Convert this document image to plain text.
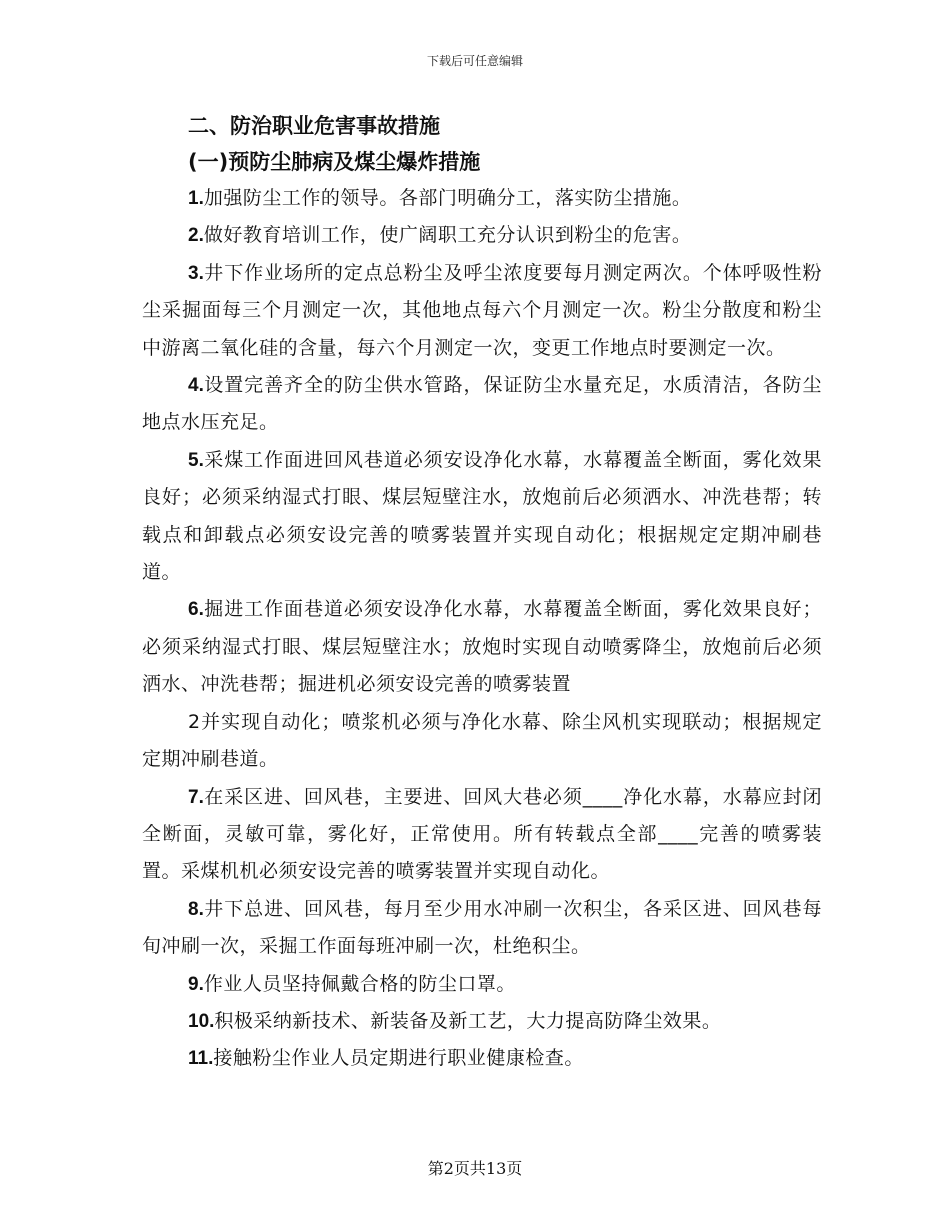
下载后可任意编辑
二、防治职业危害事故措施
(一)预防尘肺病及煤尘爆炸措施

1.加强防尘工作的领导。各部门明确分工，落实防尘措施。

2.做好教育培训工作，使广阔职工充分认识到粉尘的危害。

3.井下作业场所的定点总粉尘及呼尘浓度要每月测定两次。个体呼吸性粉尘采掘面每三个月测定一次，其他地点每六个月测定一次。粉尘分散度和粉尘中游离二氧化硅的含量，每六个月测定一次，变更工作地点时要测定一次。

4.设置完善齐全的防尘供水管路，保证防尘水量充足，水质清洁，各防尘地点水压充足。

5.采煤工作面进回风巷道必须安设净化水幕，水幕覆盖全断面，雾化效果良好；必须采纳湿式打眼、煤层短壁注水，放炮前后必须洒水、冲洗巷帮；转载点和卸载点必须安设完善的喷雾装置并实现自动化；根据规定定期冲刷巷道。

6.掘进工作面巷道必须安设净化水幕，水幕覆盖全断面，雾化效果良好；必须采纳湿式打眼、煤层短壁注水；放炮时实现自动喷雾降尘，放炮前后必须洒水、冲洗巷帮；掘进机必须安设完善的喷雾装置

2并实现自动化；喷浆机必须与净化水幕、除尘风机实现联动；根据规定定期冲刷巷道。

7.在采区进、回风巷，主要进、回风大巷必须____净化水幕，水幕应封闭全断面，灵敏可靠，雾化好，正常使用。所有转载点全部____完善的喷雾装置。采煤机机必须安设完善的喷雾装置并实现自动化。

8.井下总进、回风巷，每月至少用水冲刷一次积尘，各采区进、回风巷每旬冲刷一次，采掘工作面每班冲刷一次，杜绝积尘。

9.作业人员坚持佩戴合格的防尘口罩。

10.积极采纳新技术、新装备及新工艺，大力提高防降尘效果。

11.接触粉尘作业人员定期进行职业健康检查。

第2页共13页
